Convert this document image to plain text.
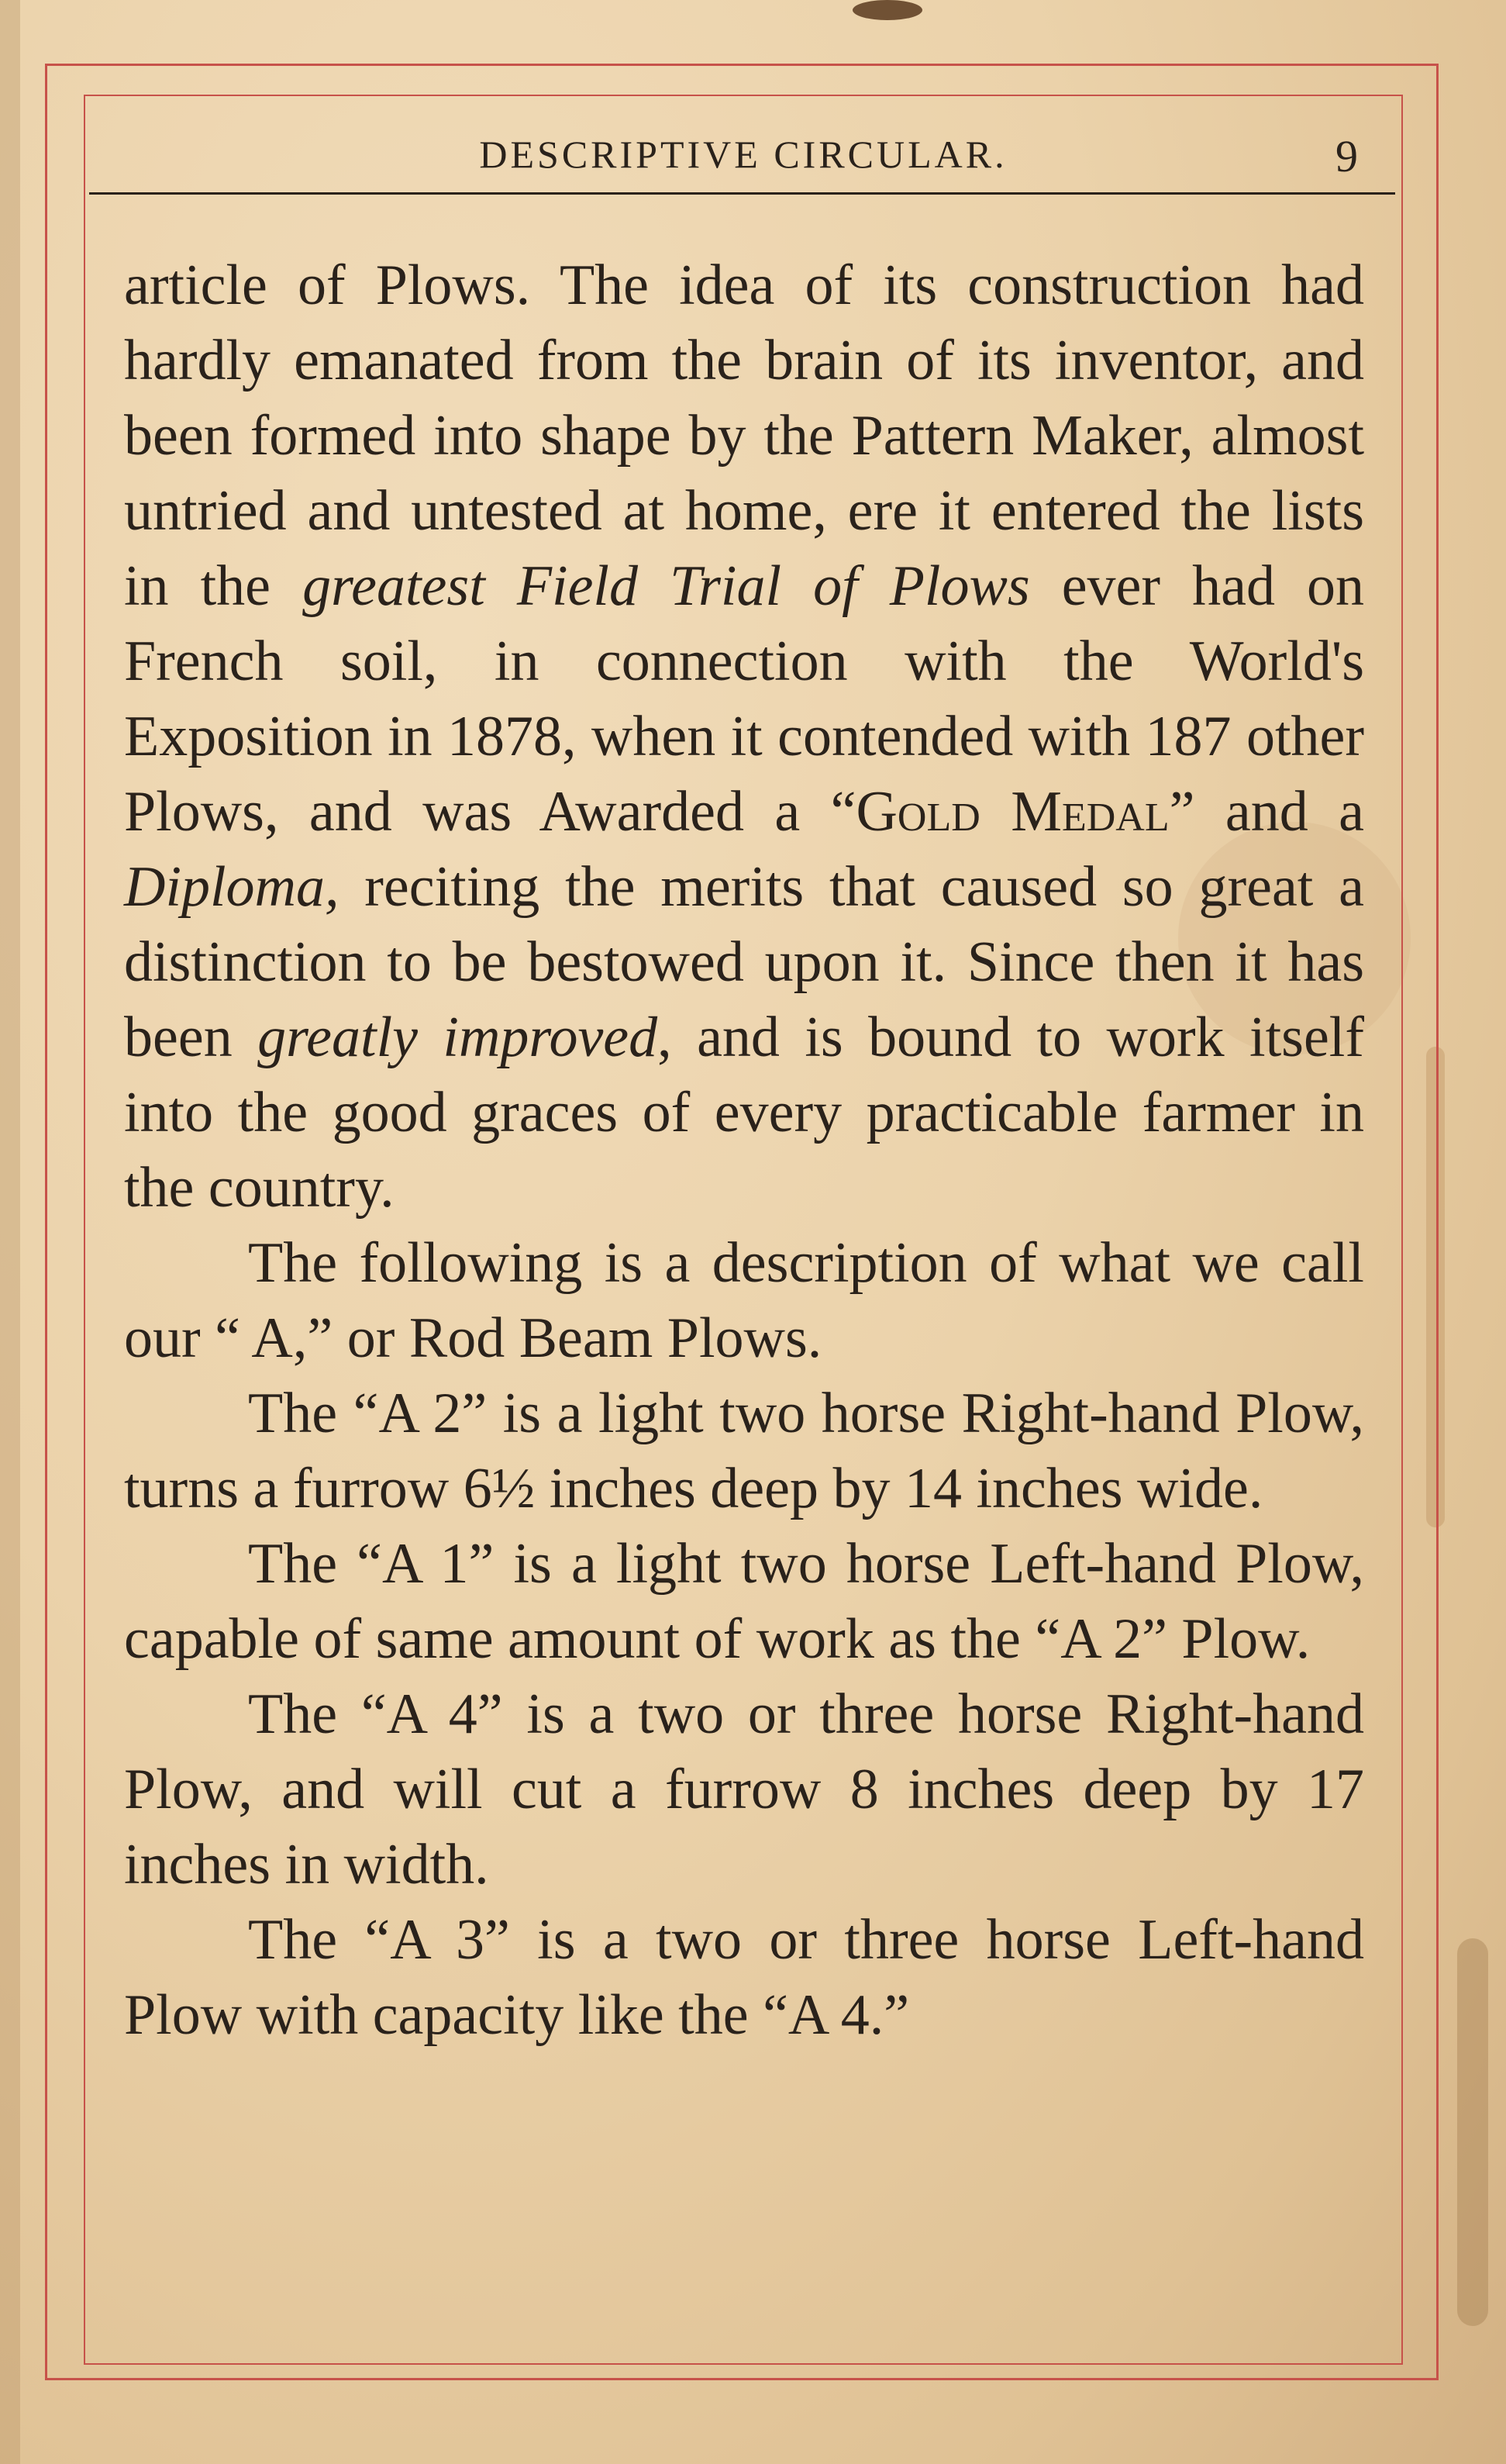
DESCRIPTIVE CIRCULAR.	9

article of Plows. The idea of its construction had hardly emanated from the brain of its inventor, and been formed into shape by the Pattern Maker, almost untried and untested at home, ere it entered the lists in the greatest Field Trial of Plows ever had on French soil, in connection with the World's Exposition in 1878, when it contended with 187 other Plows, and was Awarded a “Gold Medal” and a Diploma, reciting the merits that caused so great a distinction to be bestowed upon it. Since then it has been greatly improved, and is bound to work itself into the good graces of every practicable farmer in the country.

The following is a description of what we call our “ A,” or Rod Beam Plows.

The “A 2” is a light two horse Right-hand Plow, turns a furrow 6½ inches deep by 14 inches wide.

The “A 1” is a light two horse Left-hand Plow, capable of same amount of work as the “A 2” Plow.

The “A 4” is a two or three horse Right-hand Plow, and will cut a furrow 8 inches deep by 17 inches in width.

The “A 3” is a two or three horse Left-hand Plow with capacity like the “A 4.”
